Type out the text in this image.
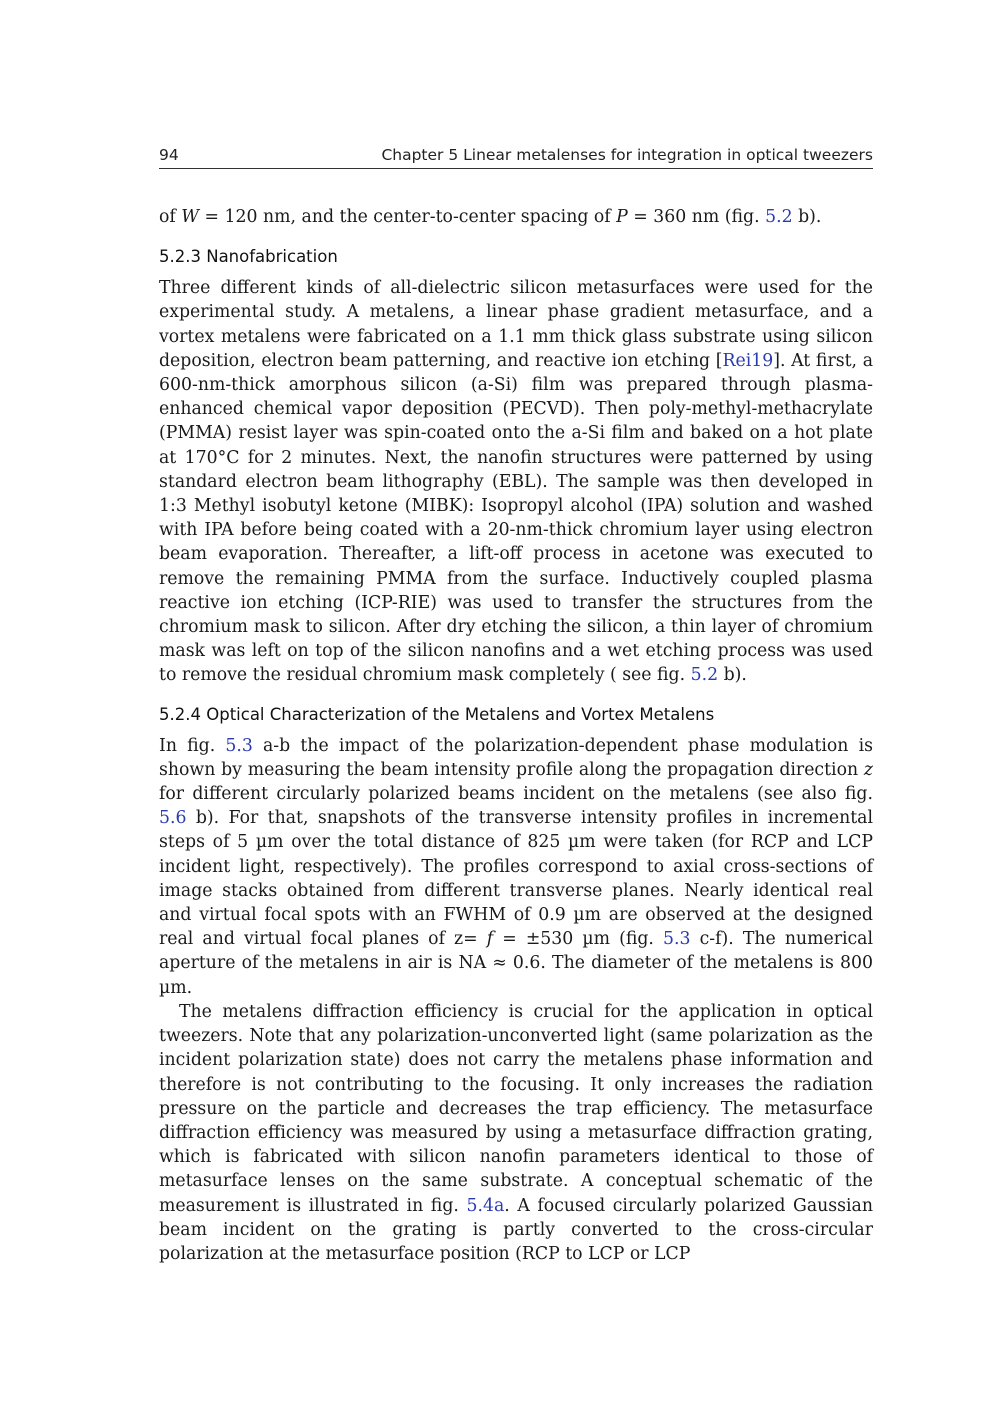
94	Chapter 5 Linear metalenses for integration in optical tweezers

of W = 120 nm, and the center-to-center spacing of P = 360 nm (fig. 5.2 b).

5.2.3 Nanofabrication

Three different kinds of all-dielectric silicon metasurfaces were used for the experimental study. A metalens, a linear phase gradient metasurface, and a vortex metalens were fabricated on a 1.1 mm thick glass substrate using silicon deposition, electron beam patterning, and reactive ion etching [Rei19]. At first, a 600-nm-thick amorphous silicon (a-Si) film was prepared through plasma-enhanced chemical vapor deposition (PECVD). Then poly-methyl-methacrylate (PMMA) resist layer was spin-coated onto the a-Si film and baked on a hot plate at 170°C for 2 minutes. Next, the nanofin structures were patterned by using standard electron beam lithography (EBL). The sample was then developed in 1:3 Methyl isobutyl ketone (MIBK): Isopropyl alcohol (IPA) solution and washed with IPA before being coated with a 20-nm-thick chromium layer using electron beam evaporation. Thereafter, a lift-off process in acetone was executed to remove the remaining PMMA from the surface. Inductively coupled plasma reactive ion etching (ICP-RIE) was used to transfer the structures from the chromium mask to silicon. After dry etching the silicon, a thin layer of chromium mask was left on top of the silicon nanofins and a wet etching process was used to remove the residual chromium mask completely ( see fig. 5.2 b).

5.2.4 Optical Characterization of the Metalens and Vortex Metalens

In fig. 5.3 a-b the impact of the polarization-dependent phase modulation is shown by measuring the beam intensity profile along the propagation direction z for different circularly polarized beams incident on the metalens (see also fig. 5.6 b). For that, snapshots of the transverse intensity profiles in incremental steps of 5 µm over the total distance of 825 µm were taken (for RCP and LCP incident light, respectively). The profiles correspond to axial cross-sections of image stacks obtained from different transverse planes. Nearly identical real and virtual focal spots with an FWHM of 0.9 µm are observed at the designed real and virtual focal planes of z= f = ±530 µm (fig. 5.3 c-f). The numerical aperture of the metalens in air is NA ≈ 0.6. The diameter of the metalens is 800 µm.

The metalens diffraction efficiency is crucial for the application in optical tweezers. Note that any polarization-unconverted light (same polarization as the incident polarization state) does not carry the metalens phase information and therefore is not contributing to the focusing. It only increases the radiation pressure on the particle and decreases the trap efficiency. The metasurface diffraction efficiency was measured by using a metasurface diffraction grating, which is fabricated with silicon nanofin parameters identical to those of metasurface lenses on the same substrate. A conceptual schematic of the measurement is illustrated in fig. 5.4a. A focused circularly polarized Gaussian beam incident on the grating is partly converted to the cross-circular polarization at the metasurface position (RCP to LCP or LCP
